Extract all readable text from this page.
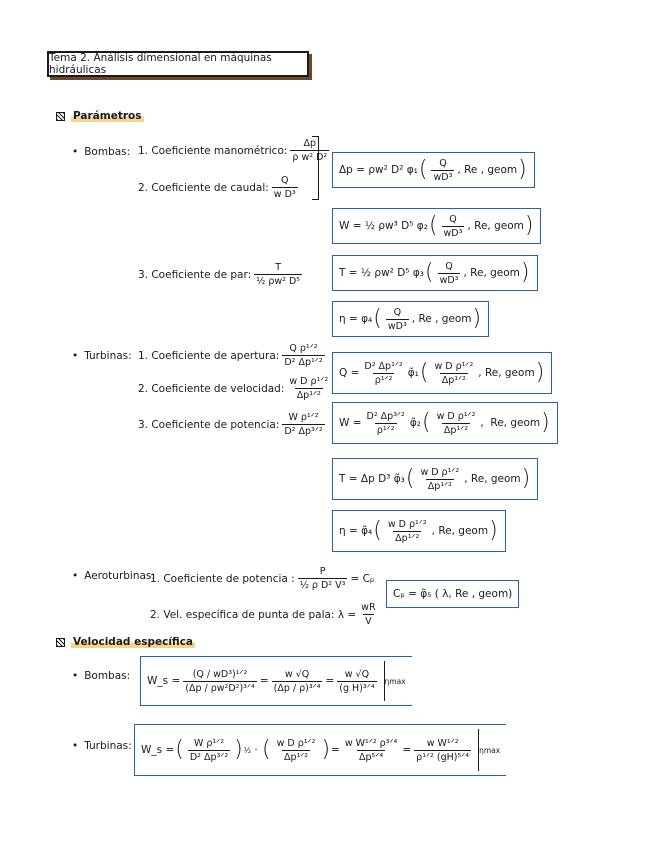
Tema 2. Análisis dimensional en máquinas hidráulicas
Parámetros
• Bombas: 1. Coeficiente manométrico: $\frac{\Delta p}{\text{ρ w² D²}}$
2. Coeficiente de caudal: $\frac{Q}{\text{w D³}}$
3. Coeficiente de par: $\frac{T}{\text{½ ρw² D⁵}}$
Δp = ρw² D² φ₁ ( $\frac{Q}{\text{wD³}}$ , Re , geom )
W = ½ ρw³ D⁵ φ₂ ( $\frac{Q}{\text{wD³}}$ , Re, geom )
T = ½ ρw² D⁵ φ₃ ( $\frac{Q}{\text{wD³}}$ , Re, geom )
η = φ₄ ( $\frac{Q}{\text{wD³}}$ , Re , geom )
• Turbinas: 1. Coeficiente de apertura: $\frac{\text{Q ρ¹ᐟ²}}{\text{D² Δp¹ᐟ²}}$
2. Coeficiente de velocidad: $\frac{\text{w D ρ¹ᐟ²}}{\text{Δp¹ᐟ²}}$
3. Coeficiente de potencia: $\frac{\text{W ρ¹ᐟ²}}{\text{D² Δp³ᐟ²}}$
$Q = \frac{\text{D² Δp¹ᐟ²}}{\text{ρ¹ᐟ²}}$ φ̃₁ ( $\frac{\text{w D ρ¹ᐟ²}}{\text{Δp¹ᐟ²}}$ , Re, geom )
$W = \frac{\text{D² Δp³ᐟ²}}{\text{ρ¹ᐟ²}}$ φ̃₂ ( $\frac{\text{w D ρ¹ᐟ²}}{\text{Δp¹ᐟ²}}$ , Re, geom )
T = Δp D³ φ̃₃ ( $\frac{\text{w D ρ¹ᐟ²}}{\text{Δp¹ᐟ²}}$ , Re, geom )
η = φ̃₄ ( $\frac{\text{w D ρ¹ᐟ²}}{\text{Δp¹ᐟ²}}$ , Re, geom )
• Aeroturbinas:
1. Coeficiente de potencia : $\frac{P}{\text{½ ρ D² V³}} = C_p$
2. Vel. específica de punta de pala:
$\lambda = \frac{wR}{V}$
Cₚ = φ̃₅ ( λ, Re , geom)
Velocidad específica
• Bombas: W_s = $\frac{\text{(Q / wD³)¹ᐟ²}}{\text{(Δp / ρw²D²)³ᐟ⁴}} = \frac{w √Q}{\text{(Δp / ρ)³ᐟ⁴}} = \frac{w √Q}{\text{(g H)³ᐟ⁴}}$ ηmax
• Turbinas: W_s = ( $\frac{\text{W ρ¹ᐟ²}}{\text{D² Δp³ᐟ²}}$ ) ½ · ( $\frac{\text{w D ρ¹ᐟ²}}{\text{Δp¹ᐟ²}}$ ) = $\frac{\text{w W¹ᐟ² ρ³ᐟ⁴}}{\text{Δp⁵ᐟ⁴}} = \frac{\text{w W¹ᐟ²}}{\text{ρ¹ᐟ² (gH)⁵ᐟ⁴}}$ ηmax
